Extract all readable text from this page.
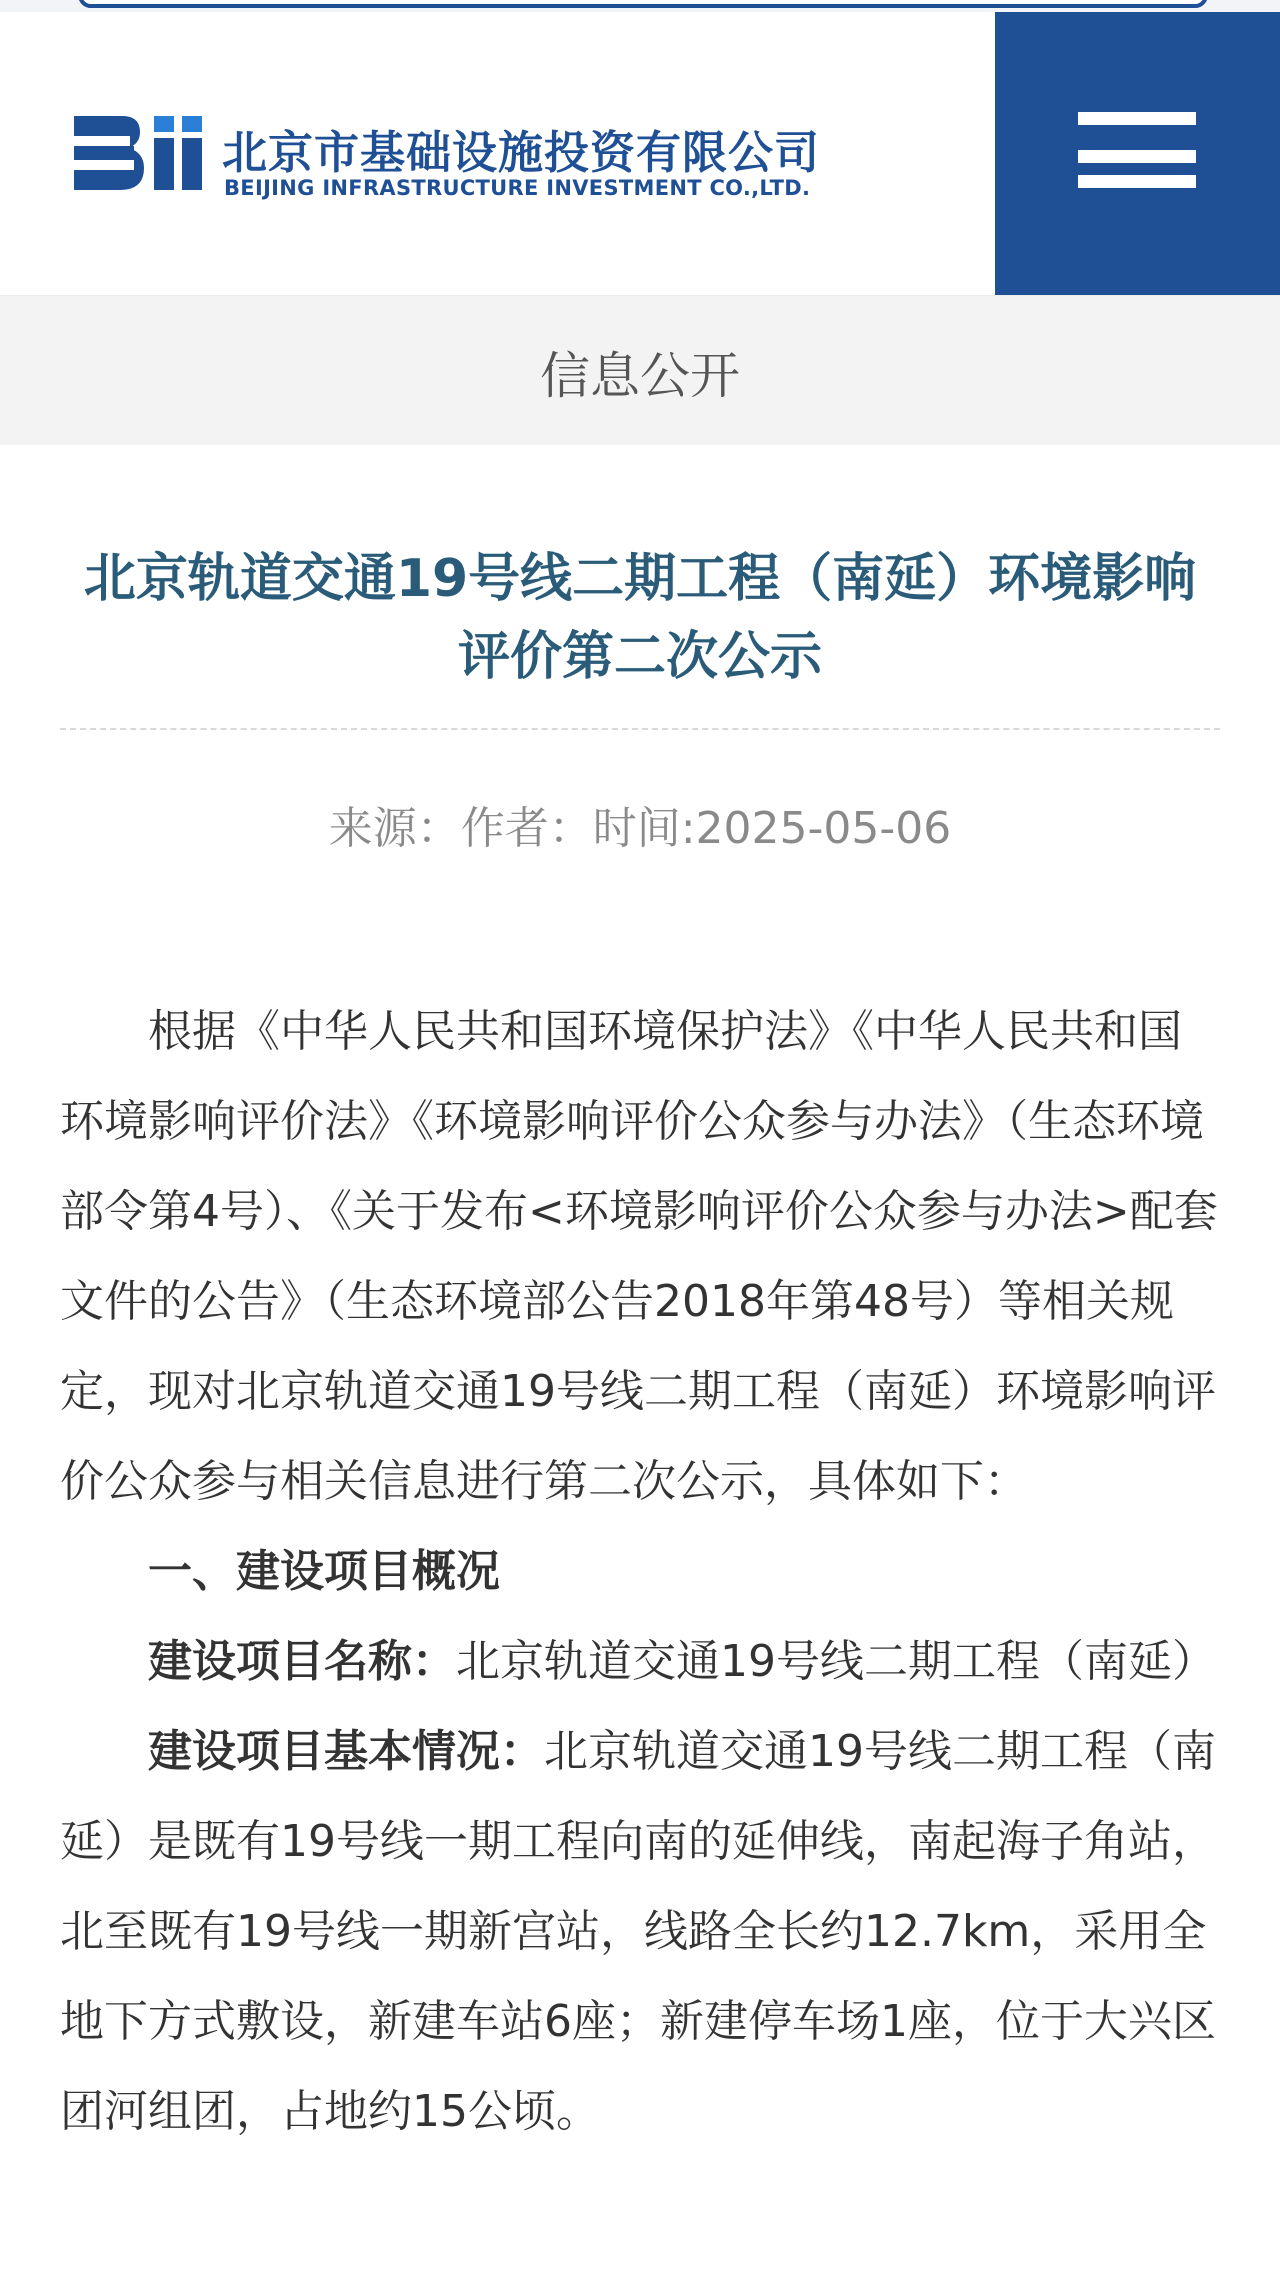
北京市基础设施投资有限公司
BEIJING INFRASTRUCTURE INVESTMENT CO.,LTD.
信息公开
北京轨道交通19号线二期工程（南延）环境影响评价第二次公示
来源：作者：时间:2025-05-06

根据《中华人民共和国环境保护法》《中华人民共和国环境影响评价法》《环境影响评价公众参与办法》（生态环境部令第4号）、《关于发布<环境影响评价公众参与办法>配套文件的公告》（生态环境部公告2018年第48号）等相关规定，现对北京轨道交通19号线二期工程（南延）环境影响评价公众参与相关信息进行第二次公示，具体如下：

一、建设项目概况

建设项目名称：北京轨道交通19号线二期工程（南延）

建设项目基本情况：北京轨道交通19号线二期工程（南延）是既有19号线一期工程向南的延伸线，南起海子角站，北至既有19号线一期新宫站，线路全长约12.7km，采用全地下方式敷设，新建车站6座；新建停车场1座，位于大兴区团河组团，占地约15公顷。
